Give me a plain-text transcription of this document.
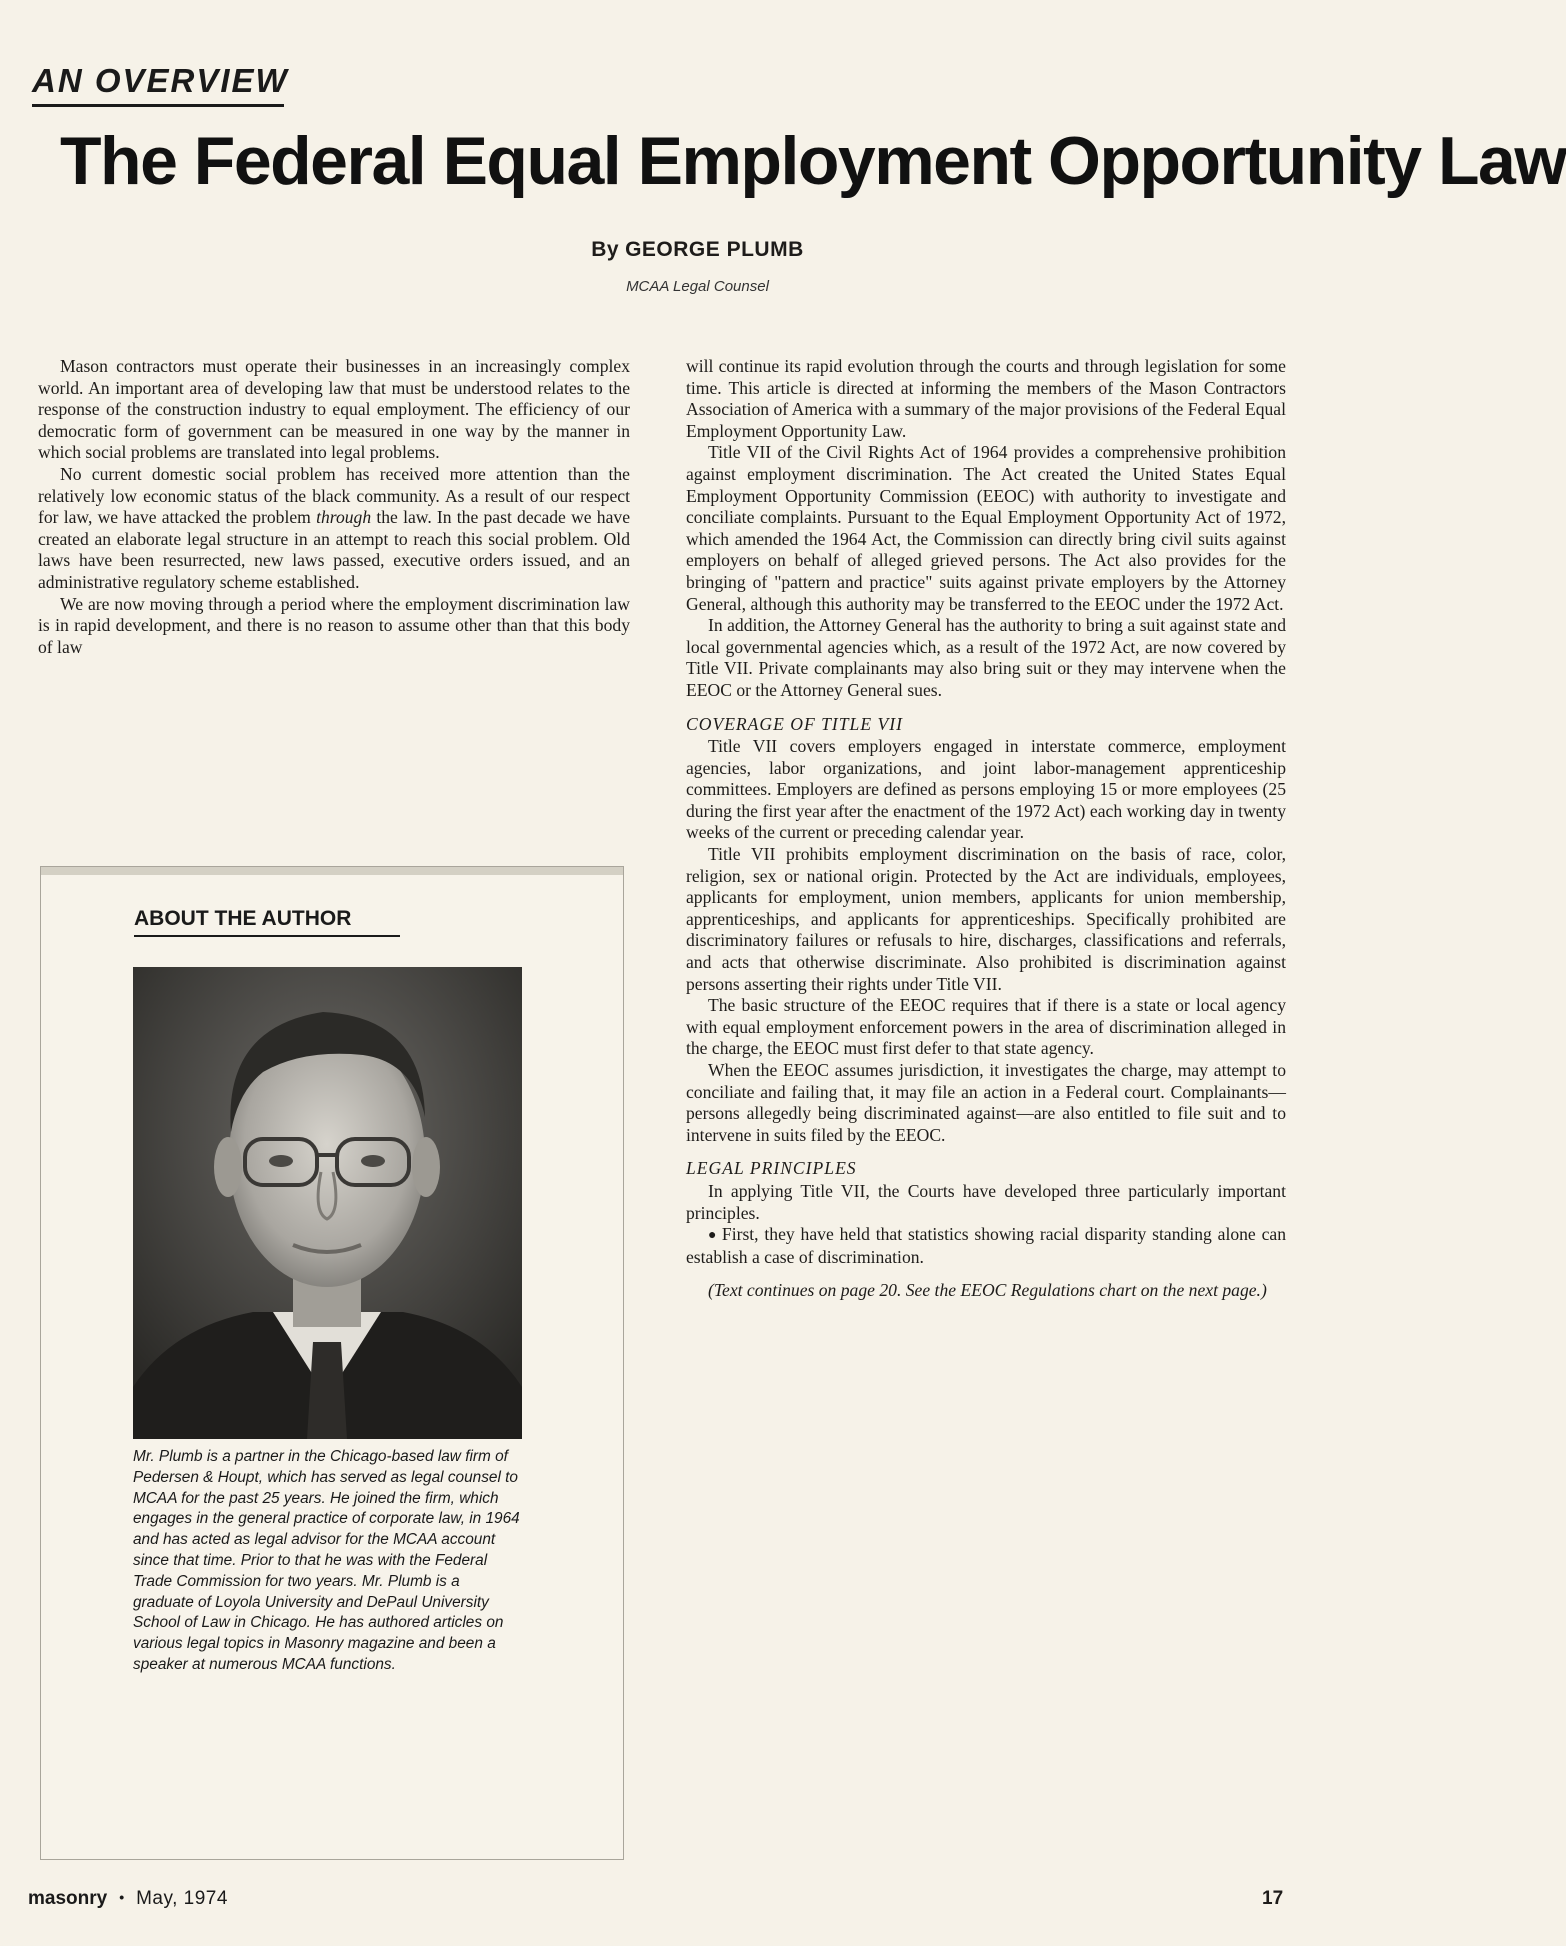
AN OVERVIEW
The Federal Equal Employment Opportunity Law
By GEORGE PLUMB
MCAA Legal Counsel

Mason contractors must operate their businesses in an increasingly complex world. An important area of developing law that must be understood relates to the response of the construction industry to equal employment. The efficiency of our democratic form of government can be measured in one way by the manner in which social problems are translated into legal problems.

No current domestic social problem has received more attention than the relatively low economic status of the black community. As a result of our respect for law, we have attacked the problem through the law. In the past decade we have created an elaborate legal structure in an attempt to reach this social problem. Old laws have been resurrected, new laws passed, executive orders issued, and an administrative regulatory scheme established.

We are now moving through a period where the employment discrimination law is in rapid development, and there is no reason to assume other than that this body of law

ABOUT THE AUTHOR
Mr. Plumb is a partner in the Chicago-based law firm of Pedersen & Houpt, which has served as legal counsel to MCAA for the past 25 years. He joined the firm, which engages in the general practice of corporate law, in 1964 and has acted as legal advisor for the MCAA account since that time. Prior to that he was with the Federal Trade Commission for two years. Mr. Plumb is a graduate of Loyola University and DePaul University School of Law in Chicago. He has authored articles on various legal topics in Masonry magazine and been a speaker at numerous MCAA functions.

will continue its rapid evolution through the courts and through legislation for some time. This article is directed at informing the members of the Mason Contractors Association of America with a summary of the major provisions of the Federal Equal Employment Opportunity Law.

Title VII of the Civil Rights Act of 1964 provides a comprehensive prohibition against employment discrimination. The Act created the United States Equal Employment Opportunity Commission (EEOC) with authority to investigate and conciliate complaints. Pursuant to the Equal Employment Opportunity Act of 1972, which amended the 1964 Act, the Commission can directly bring civil suits against employers on behalf of alleged grieved persons. The Act also provides for the bringing of "pattern and practice" suits against private employers by the Attorney General, although this authority may be transferred to the EEOC under the 1972 Act.

In addition, the Attorney General has the authority to bring a suit against state and local governmental agencies which, as a result of the 1972 Act, are now covered by Title VII. Private complainants may also bring suit or they may intervene when the EEOC or the Attorney General sues.

COVERAGE OF TITLE VII

Title VII covers employers engaged in interstate commerce, employment agencies, labor organizations, and joint labor-management apprenticeship committees. Employers are defined as persons employing 15 or more employees (25 during the first year after the enactment of the 1972 Act) each working day in twenty weeks of the current or preceding calendar year.

Title VII prohibits employment discrimination on the basis of race, color, religion, sex or national origin. Protected by the Act are individuals, employees, applicants for employment, union members, applicants for union membership, apprenticeships, and applicants for apprenticeships. Specifically prohibited are discriminatory failures or refusals to hire, discharges, classifications and referrals, and acts that otherwise discriminate. Also prohibited is discrimination against persons asserting their rights under Title VII.

The basic structure of the EEOC requires that if there is a state or local agency with equal employment enforcement powers in the area of discrimination alleged in the charge, the EEOC must first defer to that state agency.

When the EEOC assumes jurisdiction, it investigates the charge, may attempt to conciliate and failing that, it may file an action in a Federal court. Complainants—persons allegedly being discriminated against—are also entitled to file suit and to intervene in suits filed by the EEOC.

LEGAL PRINCIPLES

In applying Title VII, the Courts have developed three particularly important principles.

● First, they have held that statistics showing racial disparity standing alone can establish a case of discrimination.

(Text continues on page 20. See the EEOC Regulations chart on the next page.)

masonry • May, 1974	17
